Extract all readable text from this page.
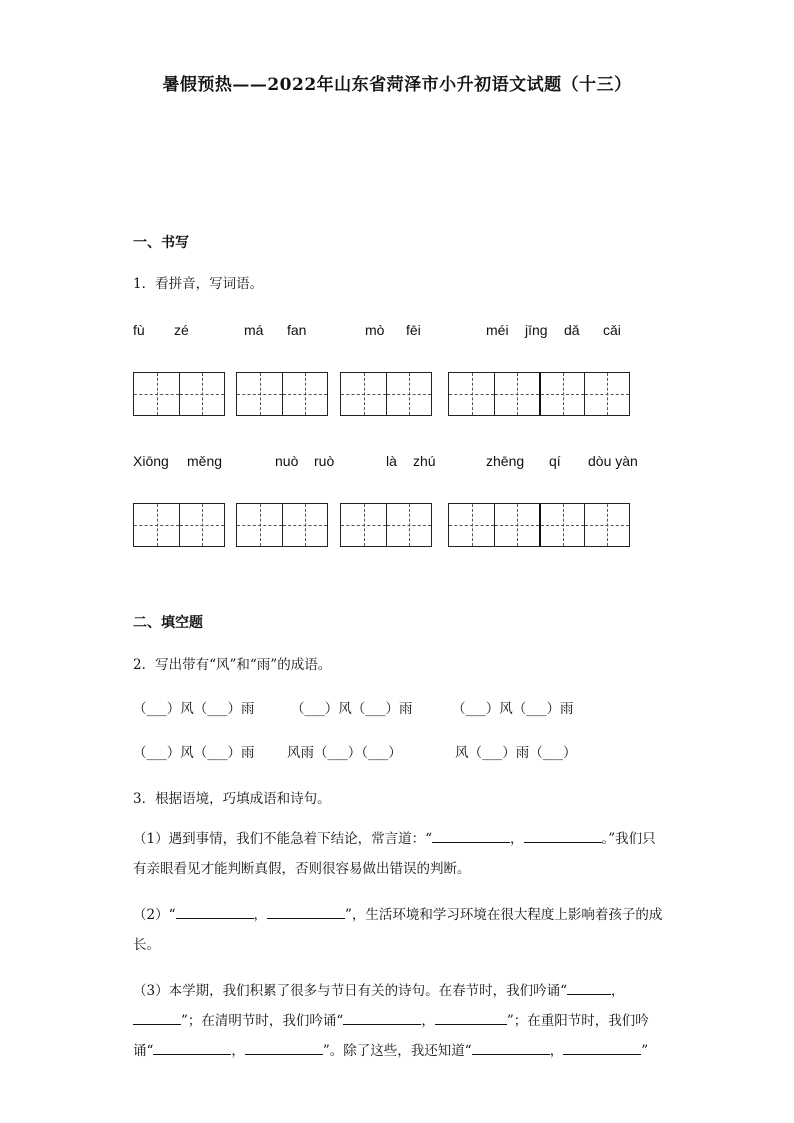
暑假预热——2022年山东省菏泽市小升初语文试题（十三）
一、书写
1．看拼音，写词语。
fù zé	má fan	mò fēi	méi jīng dǎ cǎi
Xiōng měng	nuò ruò	là zhú	zhēng qí dòu yàn
二、填空题
2．写出带有“风”和“雨”的成语。
（___）风（___）雨	（___）风（___）雨	（___）风（___）雨
（___）风（___）雨 风雨（___）（___）	风（___）雨（___）
3．根据语境，巧填成语和诗句。
（1）遇到事情，我们不能急着下结论，常言道：“	，	。”我们只有亲眼看见才能判断真假，否则很容易做出错误的判断。
（2）“	，	”，生活环境和学习环境在很大程度上影响着孩子的成长。
（3）本学期，我们积累了很多与节日有关的诗句。在春节时，我们吟诵“	，”；在清明节时，我们吟诵“	，	”；在重阳节时，我们吟诵“	，	”。除了这些，我还知道“	，	”
